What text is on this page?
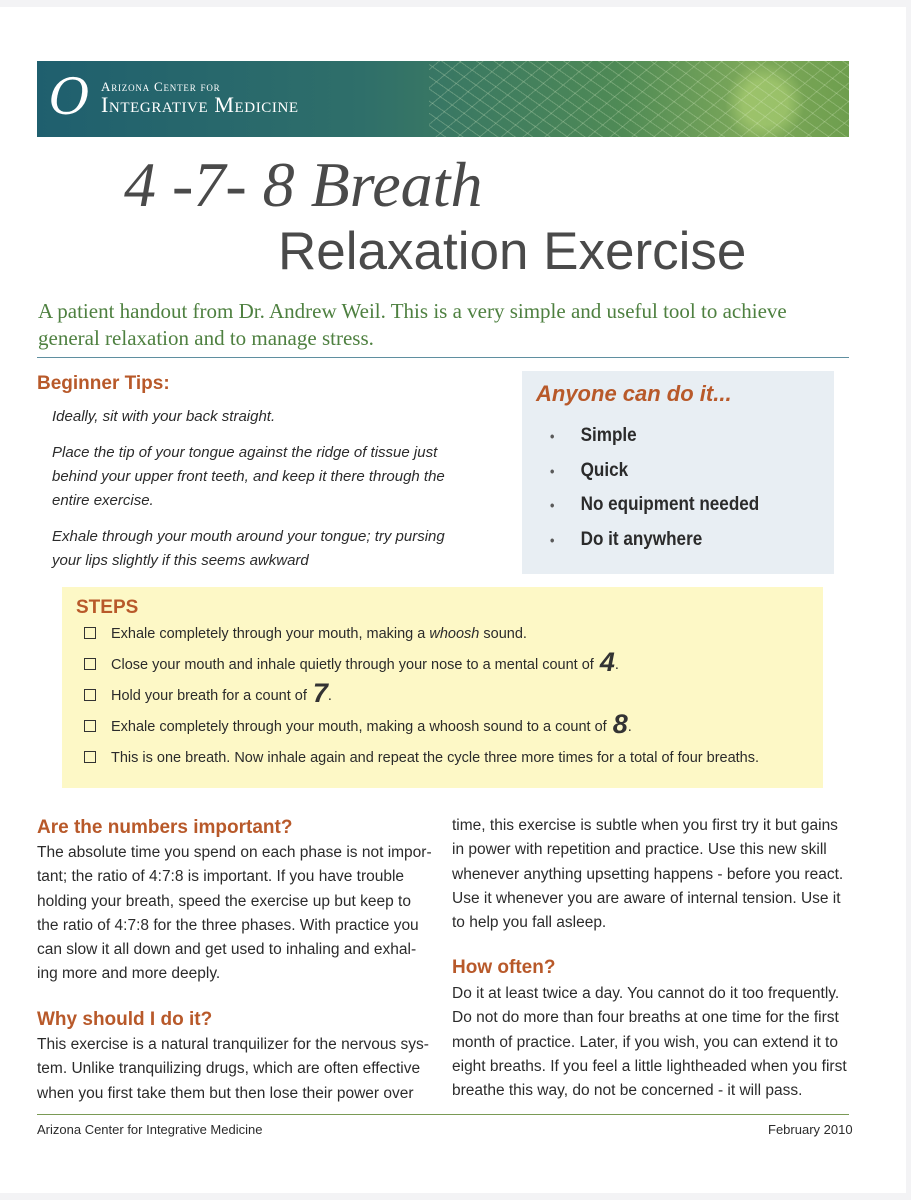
O Arizona Center for
Integrative Medicine
4 -7- 8 Breath
Relaxation Exercise
A patient handout from Dr. Andrew Weil. This is a very simple and useful tool to achieve general relaxation and to manage stress.
Beginner Tips:

Ideally, sit with your back straight.

Place the tip of your tongue against the ridge of tissue just behind your upper front teeth, and keep it there through the entire exercise.

Exhale through your mouth around your tongue; try pursing your lips slightly if this seems awkward

Anyone can do it...
• Simple
• Quick
• No equipment needed
• Do it anywhere
STEPS
Exhale completely through your mouth, making a whoosh sound.
Close your mouth and inhale quietly through your nose to a mental count of 4.
Hold your breath for a count of 7.
Exhale completely through your mouth, making a whoosh sound to a count of 8.
This is one breath. Now inhale again and repeat the cycle three more times for a total of four breaths.
Are the numbers important?

The absolute time you spend on each phase is not impor-tant; the ratio of 4:7:8 is important. If you have trouble holding your breath, speed the exercise up but keep to the ratio of 4:7:8 for the three phases. With practice you can slow it all down and get used to inhaling and exhal-ing more and more deeply.

Why should I do it?

This exercise is a natural tranquilizer for the nervous sys-tem. Unlike tranquilizing drugs, which are often effective when you first take them but then lose their power over

time, this exercise is subtle when you first try it but gains in power with repetition and practice. Use this new skill whenever anything upsetting happens - before you react. Use it whenever you are aware of internal tension. Use it to help you fall asleep.

How often?

Do it at least twice a day. You cannot do it too frequently. Do not do more than four breaths at one time for the first month of practice. Later, if you wish, you can extend it to eight breaths. If you feel a little lightheaded when you first breathe this way, do not be concerned - it will pass.

Arizona Center for Integrative Medicine	February 2010
